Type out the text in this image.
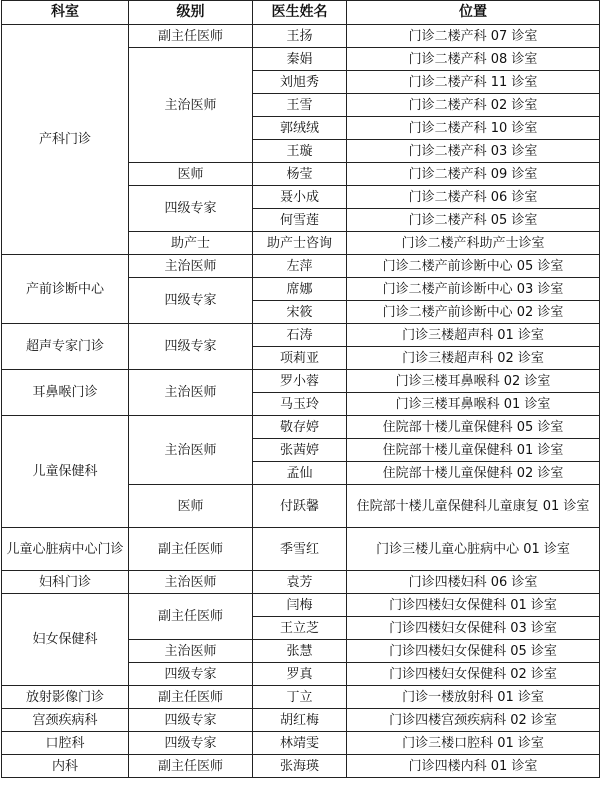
科室	级别	医生姓名	位置
产科门诊	副主任医师	王扬	门诊二楼产科 07 诊室
	主治医师	秦娟	门诊二楼产科 08 诊室
		刘旭秀	门诊二楼产科 11 诊室
		王雪	门诊二楼产科 02 诊室
		郭绒绒	门诊二楼产科 10 诊室
		王璇	门诊二楼产科 03 诊室
	医师	杨莹	门诊二楼产科 09 诊室
	四级专家	聂小成	门诊二楼产科 06 诊室
		何雪莲	门诊二楼产科 05 诊室
	助产士	助产士咨询	门诊二楼产科助产士诊室
产前诊断中心	主治医师	左萍	门诊二楼产前诊断中心 05 诊室
	四级专家	席娜	门诊二楼产前诊断中心 03 诊室
		宋筱	门诊二楼产前诊断中心 02 诊室
超声专家门诊	四级专家	石涛	门诊三楼超声科 01 诊室
		项莉亚	门诊三楼超声科 02 诊室
耳鼻喉门诊	主治医师	罗小蓉	门诊三楼耳鼻喉科 02 诊室
		马玉玲	门诊三楼耳鼻喉科 01 诊室
儿童保健科	主治医师	敬存婷	住院部十楼儿童保健科 05 诊室
		张茜婷	住院部十楼儿童保健科 01 诊室
		孟仙	住院部十楼儿童保健科 02 诊室
	医师	付跃馨	住院部十楼儿童保健科儿童康复 01 诊室
儿童心脏病中心门诊	副主任医师	季雪红	门诊三楼儿童心脏病中心 01 诊室
妇科门诊	主治医师	袁芳	门诊四楼妇科 06 诊室
妇女保健科	副主任医师	闫梅	门诊四楼妇女保健科 01 诊室
		王立芝	门诊四楼妇女保健科 03 诊室
	主治医师	张慧	门诊四楼妇女保健科 05 诊室
	四级专家	罗真	门诊四楼妇女保健科 02 诊室
放射影像门诊	副主任医师	丁立	门诊一楼放射科 01 诊室
宫颈疾病科	四级专家	胡红梅	门诊四楼宫颈疾病科 02 诊室
口腔科	四级专家	林靖雯	门诊三楼口腔科 01 诊室
内科	副主任医师	张海瑛	门诊四楼内科 01 诊室
